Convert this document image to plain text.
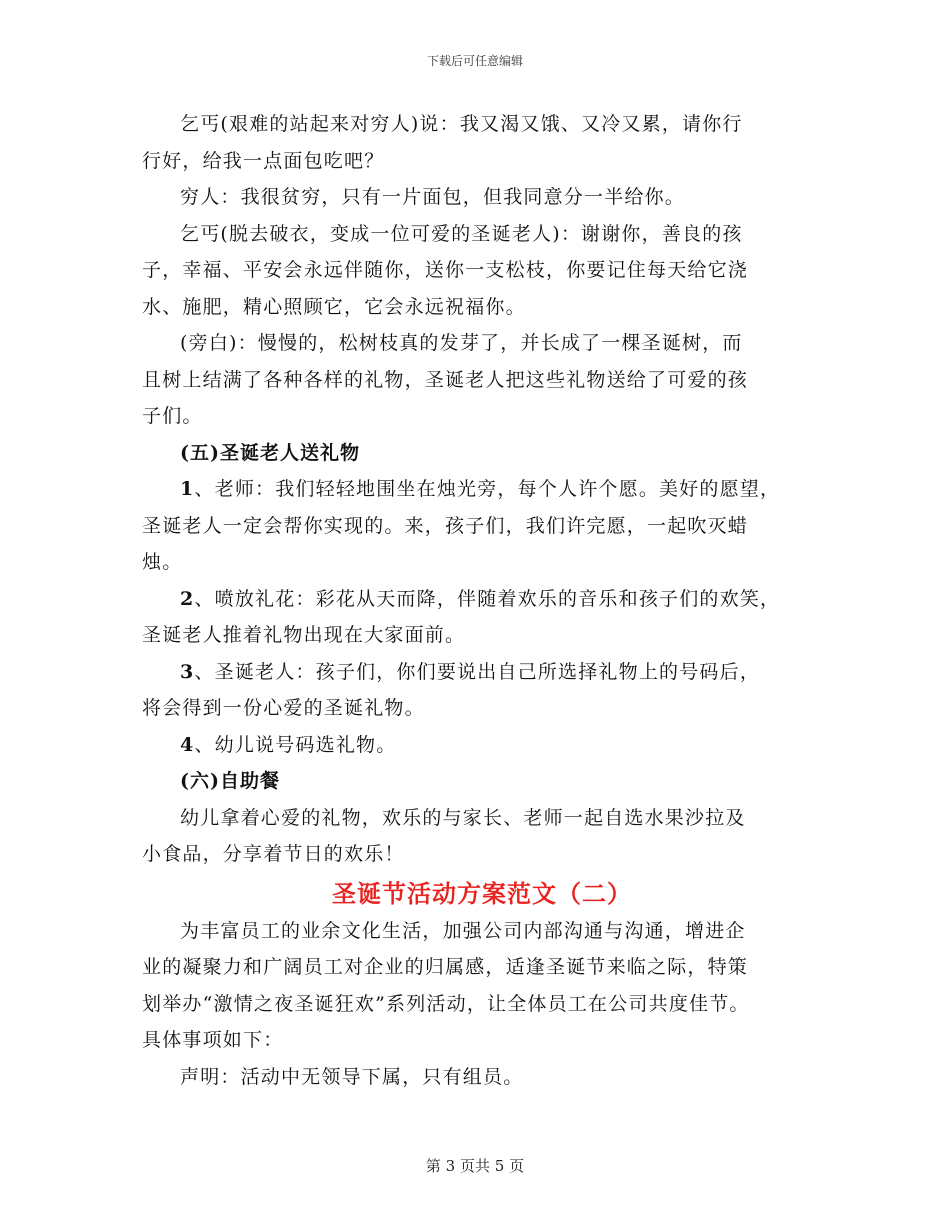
下载后可任意编辑

乞丐(艰难的站起来对穷人)说：我又渴又饿、又冷又累，请你行
行好，给我一点面包吃吧？

穷人：我很贫穷，只有一片面包，但我同意分一半给你。

乞丐(脱去破衣，变成一位可爱的圣诞老人)：谢谢你，善良的孩
子，幸福、平安会永远伴随你，送你一支松枝，你要记住每天给它浇
水、施肥，精心照顾它，它会永远祝福你。

(旁白)：慢慢的，松树枝真的发芽了，并长成了一棵圣诞树，而
且树上结满了各种各样的礼物，圣诞老人把这些礼物送给了可爱的孩
子们。

(五)圣诞老人送礼物

1、老师：我们轻轻地围坐在烛光旁，每个人许个愿。美好的愿望，
圣诞老人一定会帮你实现的。来，孩子们，我们许完愿，一起吹灭蜡
烛。

2、喷放礼花：彩花从天而降，伴随着欢乐的音乐和孩子们的欢笑，
圣诞老人推着礼物出现在大家面前。

3、圣诞老人：孩子们，你们要说出自己所选择礼物上的号码后，
将会得到一份心爱的圣诞礼物。

4、幼儿说号码选礼物。

(六)自助餐

幼儿拿着心爱的礼物，欢乐的与家长、老师一起自选水果沙拉及
小食品，分享着节日的欢乐！

圣诞节活动方案范文（二）

为丰富员工的业余文化生活，加强公司内部沟通与沟通，增进企
业的凝聚力和广阔员工对企业的归属感，适逢圣诞节来临之际，特策
划举办“激情之夜圣诞狂欢”系列活动，让全体员工在公司共度佳节。
具体事项如下：

声明：活动中无领导下属，只有组员。

第 3 页共 5 页
